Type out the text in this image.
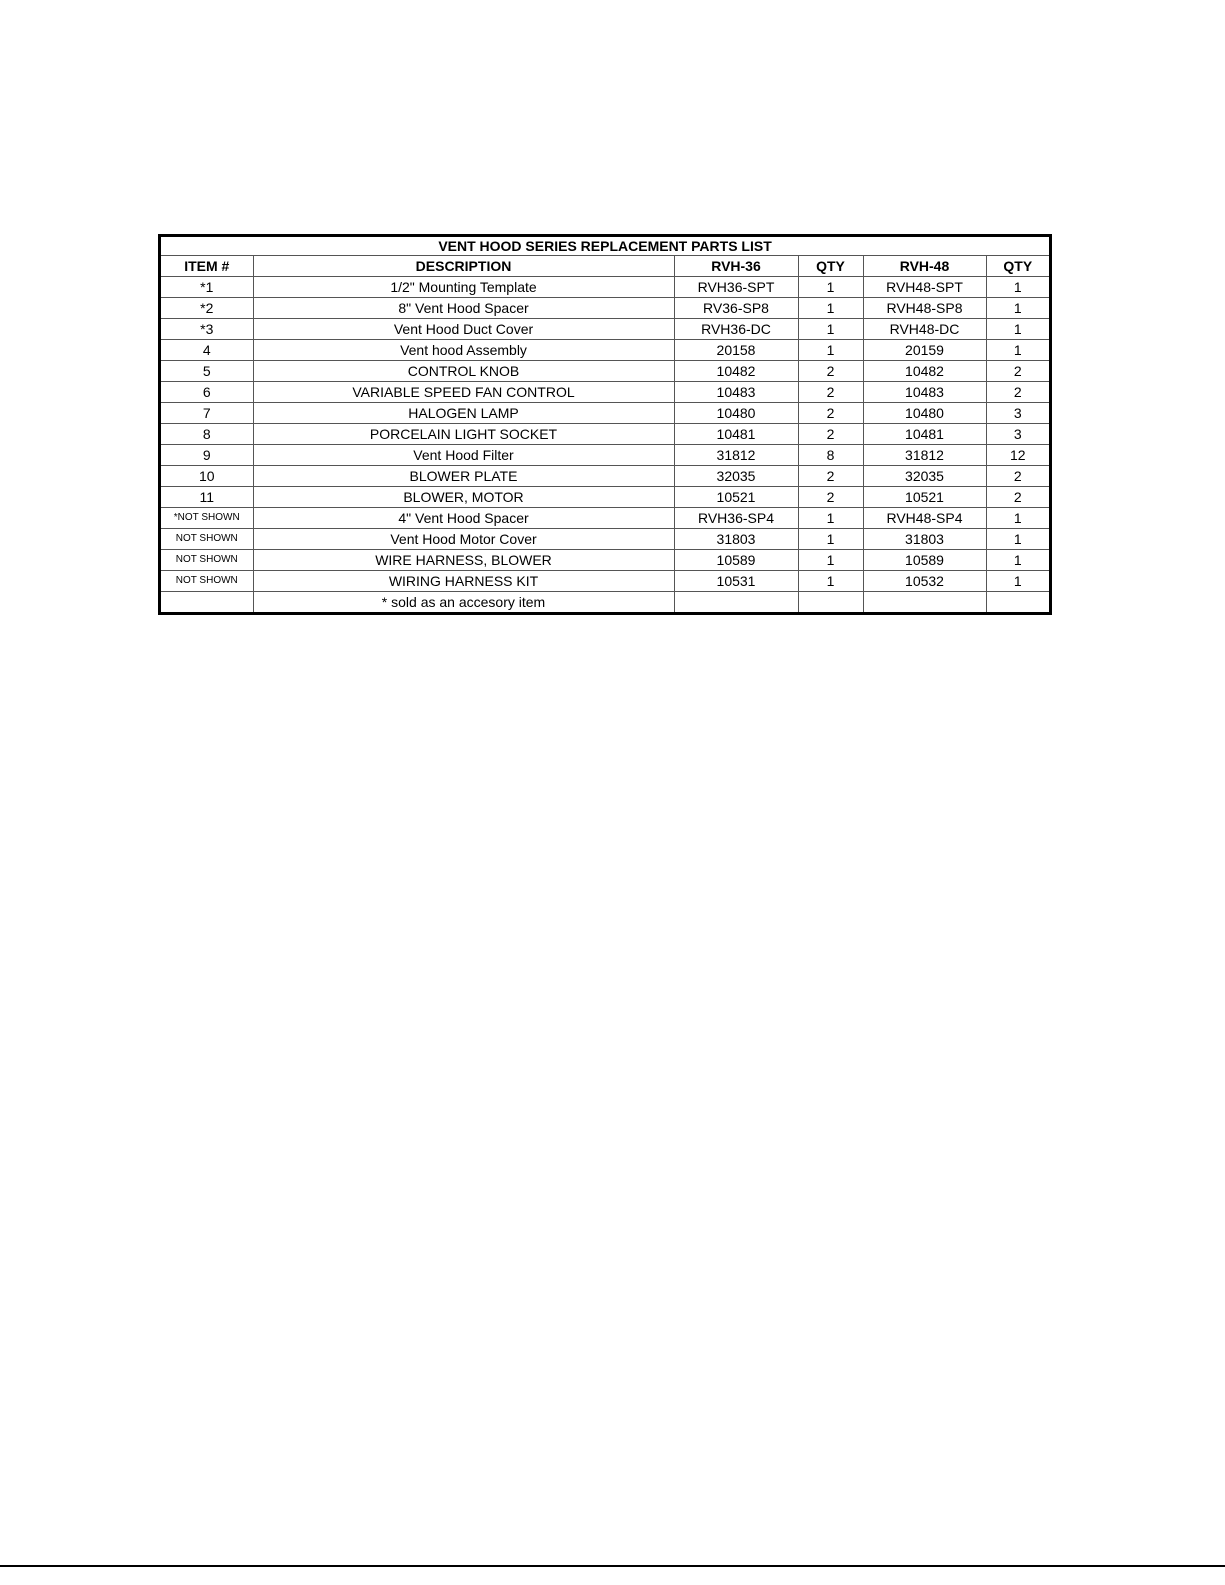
VENT HOOD SERIES REPLACEMENT PARTS LIST					
ITEM #	DESCRIPTION	RVH-36	QTY	RVH-48	QTY
*1	1/2" Mounting Template	RVH36-SPT	1	RVH48-SPT	1
*2	8" Vent Hood Spacer	RV36-SP8	1	RVH48-SP8	1
*3	Vent Hood Duct Cover	RVH36-DC	1	RVH48-DC	1
4	Vent hood Assembly	20158	1	20159	1
5	CONTROL KNOB	10482	2	10482	2
6	VARIABLE SPEED FAN CONTROL	10483	2	10483	2
7	HALOGEN LAMP	10480	2	10480	3
8	PORCELAIN LIGHT SOCKET	10481	2	10481	3
9	Vent Hood Filter	31812	8	31812	12
10	BLOWER PLATE	32035	2	32035	2
11	BLOWER, MOTOR	10521	2	10521	2
*NOT SHOWN	4" Vent Hood Spacer	RVH36-SP4	1	RVH48-SP4	1
NOT SHOWN	Vent Hood Motor Cover	31803	1	31803	1
NOT SHOWN	WIRE HARNESS, BLOWER	10589	1	10589	1
NOT SHOWN	WIRING HARNESS KIT	10531	1	10532	1
	* sold as an accesory item				
